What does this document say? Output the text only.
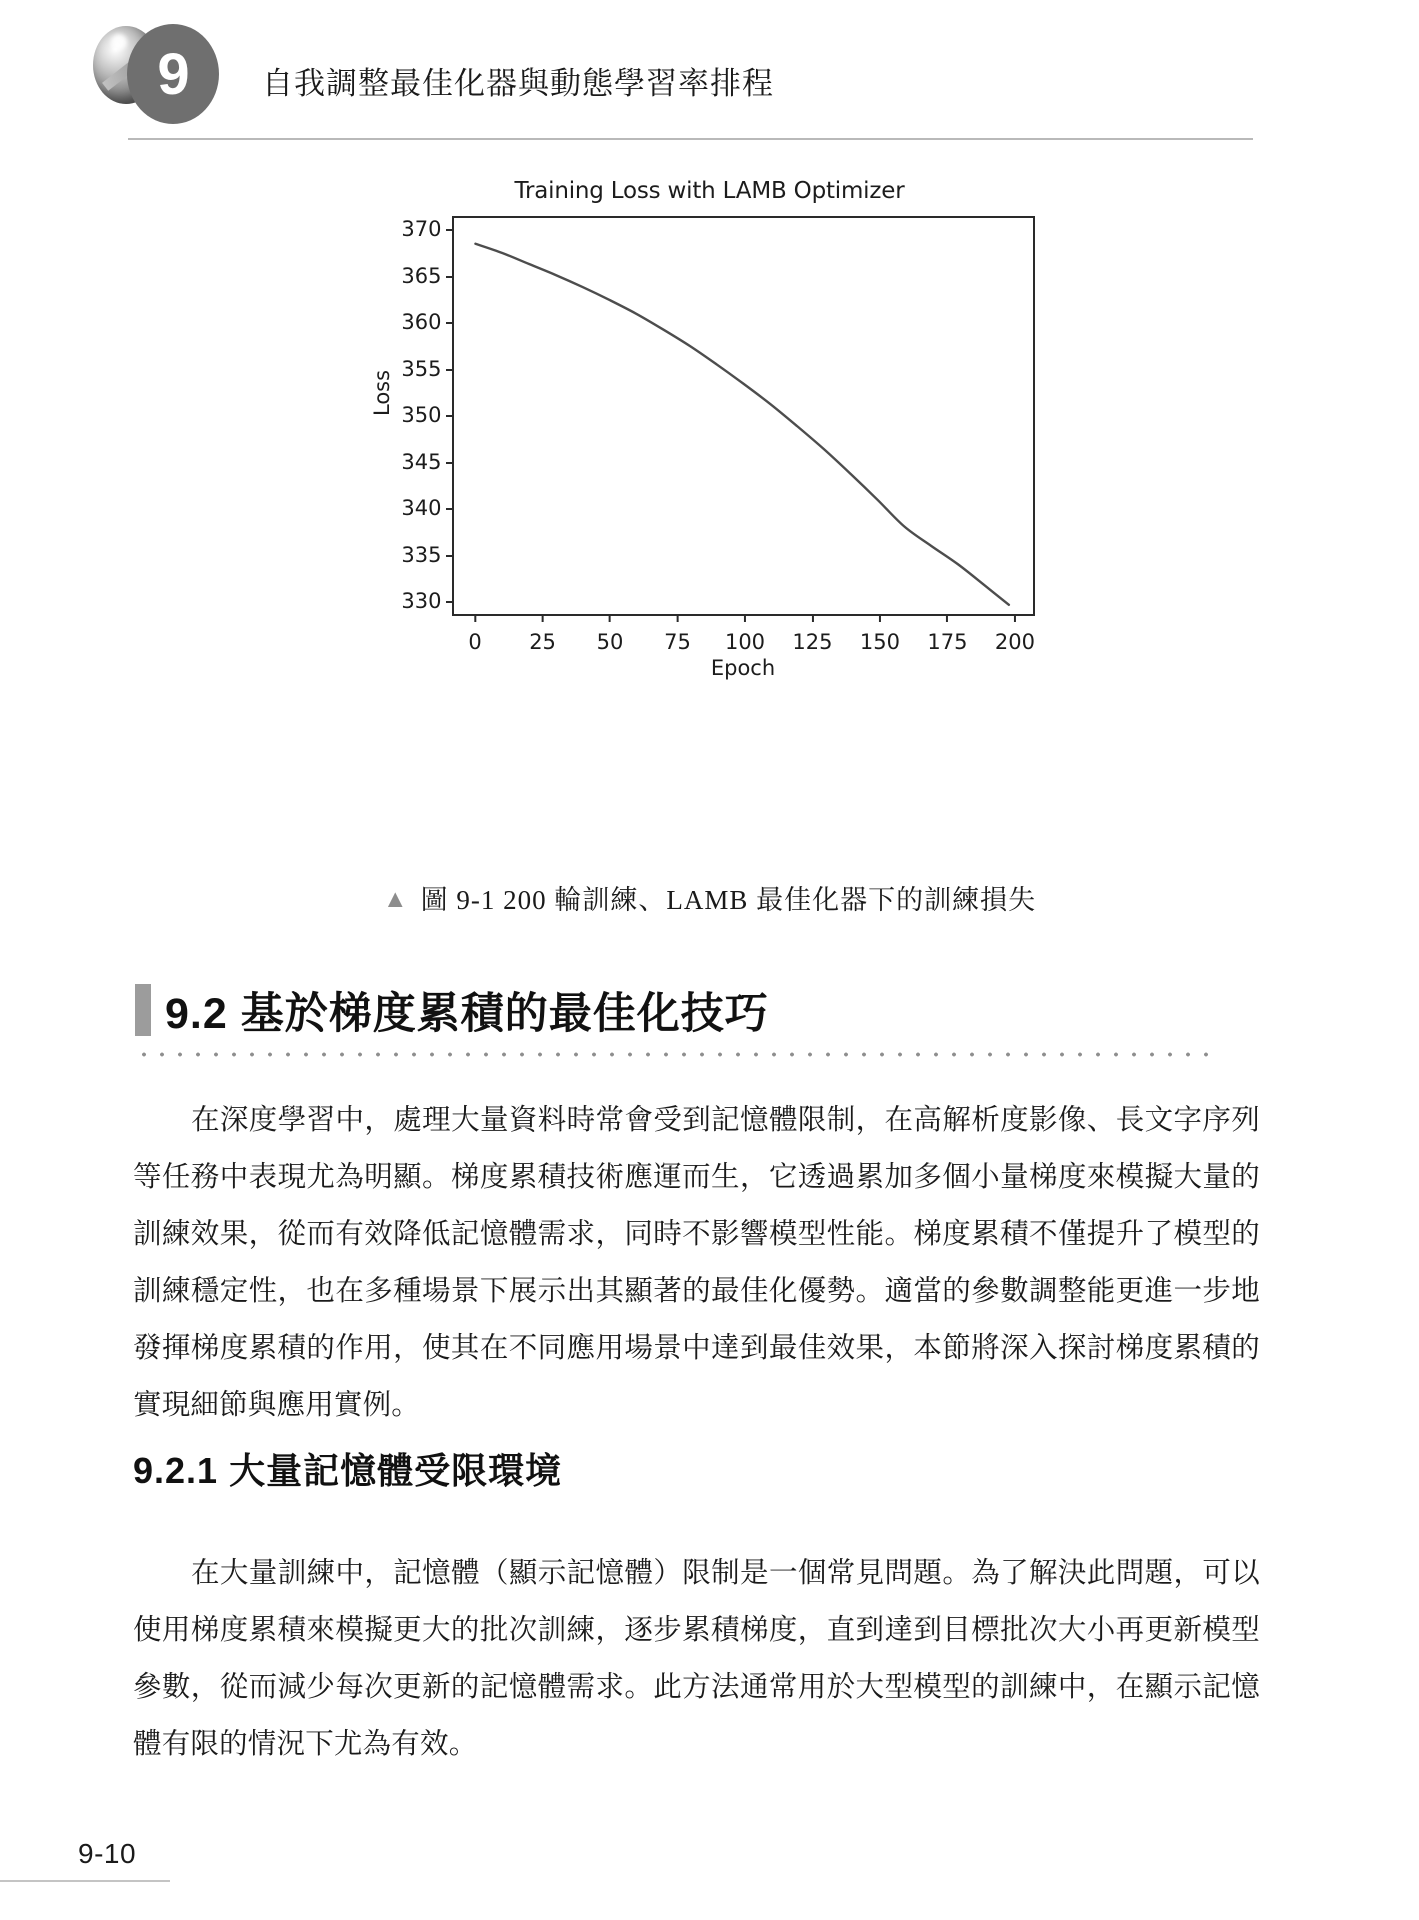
9	自我調整最佳化器與動態學習率排程
Training Loss with LAMB Optimizer
Loss
370
365
360
355
350
345
340
335
330
0 25 50 75 100 125 150 175 200
Epoch
▲ 圖 9-1 200 輪訓練、LAMB 最佳化器下的訓練損失
9.2 基於梯度累積的最佳化技巧
在深度學習中，處理大量資料時常會受到記憶體限制，在高解析度影像、長文字序列等任務中表現尤為明顯。梯度累積技術應運而生，它透過累加多個小量梯度來模擬大量的訓練效果，從而有效降低記憶體需求，同時不影響模型性能。梯度累積不僅提升了模型的訓練穩定性，也在多種場景下展示出其顯著的最佳化優勢。適當的參數調整能更進一步地發揮梯度累積的作用，使其在不同應用場景中達到最佳效果，本節將深入探討梯度累積的實現細節與應用實例。
9.2.1 大量記憶體受限環境
在大量訓練中，記憶體（顯示記憶體）限制是一個常見問題。為了解決此問題，可以使用梯度累積來模擬更大的批次訓練，逐步累積梯度，直到達到目標批次大小再更新模型參數，從而減少每次更新的記憶體需求。此方法通常用於大型模型的訓練中，在顯示記憶體有限的情況下尤為有效。
9-10
